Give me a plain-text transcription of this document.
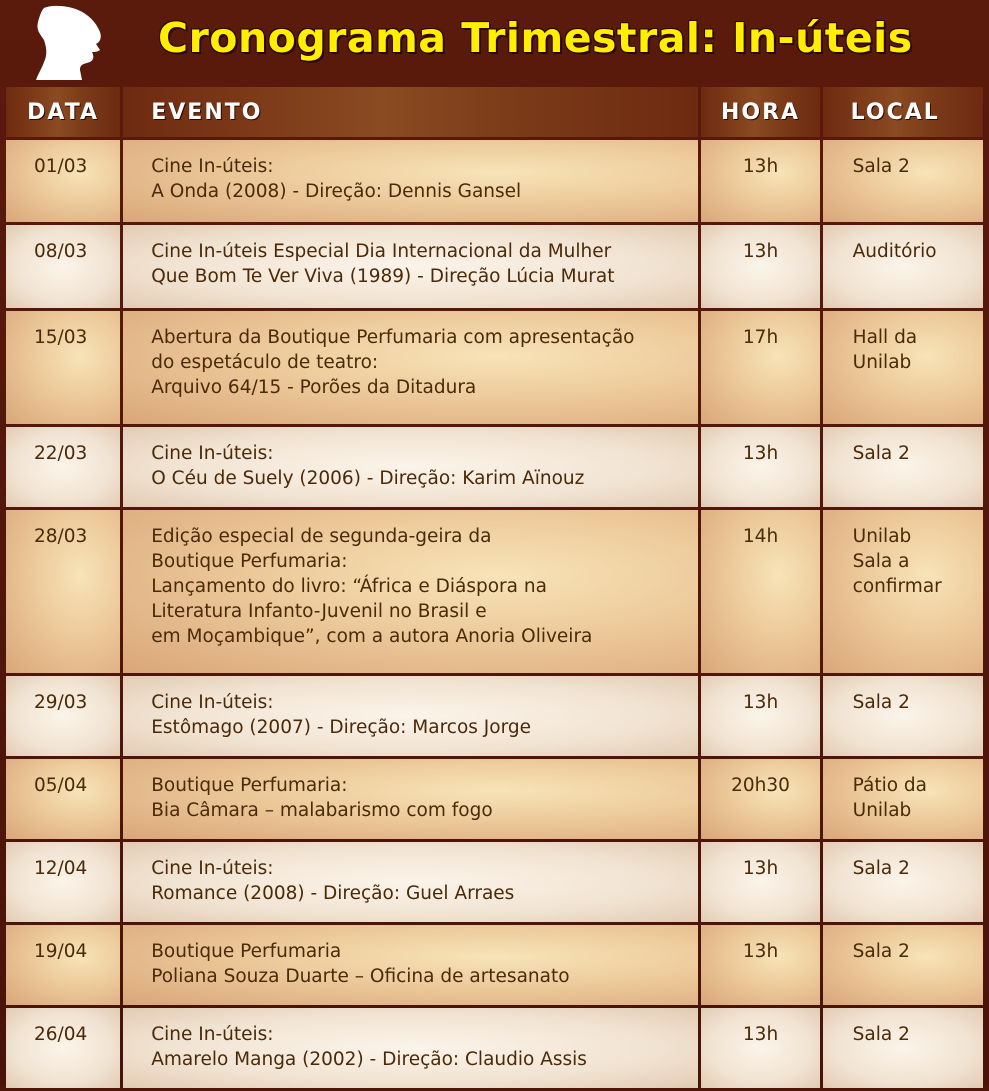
Cronograma Trimestral: In-úteis
DATA	EVENTO	HORA	LOCAL
01/03	Cine In-úteis:
A Onda (2008) - Direção: Dennis Gansel	13h	Sala 2

08/03	Cine In-úteis Especial Dia Internacional da Mulher
Que Bom Te Ver Viva (1989) - Direção Lúcia Murat	13h	Auditório

15/03	Abertura da Boutique Perfumaria com apresentação
do espetáculo de teatro:
Arquivo 64/15 - Porões da Ditadura	17h	Hall da
Unilab

22/03	Cine In-úteis:
O Céu de Suely (2006) - Direção: Karim Aïnouz	13h	Sala 2

28/03	Edição especial de segunda-geira da
Boutique Perfumaria:
Lançamento do livro: “África e Diáspora na
Literatura Infanto-Juvenil no Brasil e
em Moçambique”, com a autora Anoria Oliveira	14h	Unilab
Sala a
confirmar

29/03	Cine In-úteis:
Estômago (2007) - Direção: Marcos Jorge	13h	Sala 2

05/04	Boutique Perfumaria:
Bia Câmara – malabarismo com fogo	20h30	Pátio da
Unilab

12/04	Cine In-úteis:
Romance (2008) - Direção: Guel Arraes	13h	Sala 2

19/04	Boutique Perfumaria
Poliana Souza Duarte – Oficina de artesanato	13h	Sala 2

26/04	Cine In-úteis:
Amarelo Manga (2002) - Direção: Claudio Assis	13h	Sala 2
